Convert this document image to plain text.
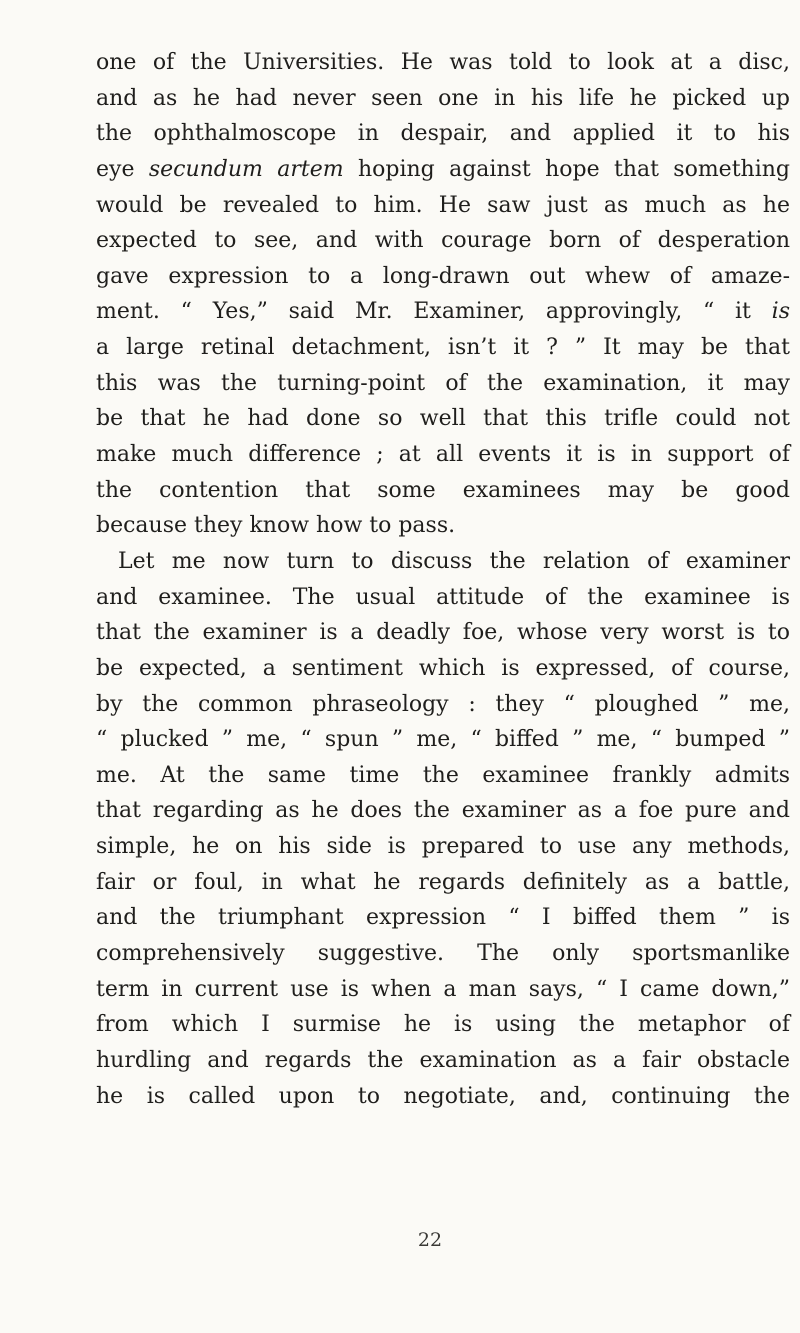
one of the Universities. He was told to look at a disc,
and as he had never seen one in his life he picked up
the ophthalmoscope in despair, and applied it to his
eye secundum artem hoping against hope that something
would be revealed to him. He saw just as much as he
expected to see, and with courage born of desperation
gave expression to a long-drawn out whew of amaze-
ment. “ Yes,” said Mr. Examiner, approvingly, “ it is
a large retinal detachment, isn’t it ? ” It may be that
this was the turning-point of the examination, it may
be that he had done so well that this trifle could not
make much difference ; at all events it is in support of
the contention that some examinees may be good
because they know how to pass.
Let me now turn to discuss the relation of examiner
and examinee. The usual attitude of the examinee is
that the examiner is a deadly foe, whose very worst is to
be expected, a sentiment which is expressed, of course,
by the common phraseology : they “ ploughed ” me,
“ plucked ” me, “ spun ” me, “ biffed ” me, “ bumped ”
me. At the same time the examinee frankly admits
that regarding as he does the examiner as a foe pure and
simple, he on his side is prepared to use any methods,
fair or foul, in what he regards definitely as a battle,
and the triumphant expression “ I biffed them ” is
comprehensively suggestive. The only sportsmanlike
term in current use is when a man says, “ I came down,”
from which I surmise he is using the metaphor of
hurdling and regards the examination as a fair obstacle
he is called upon to negotiate, and, continuing the
22
